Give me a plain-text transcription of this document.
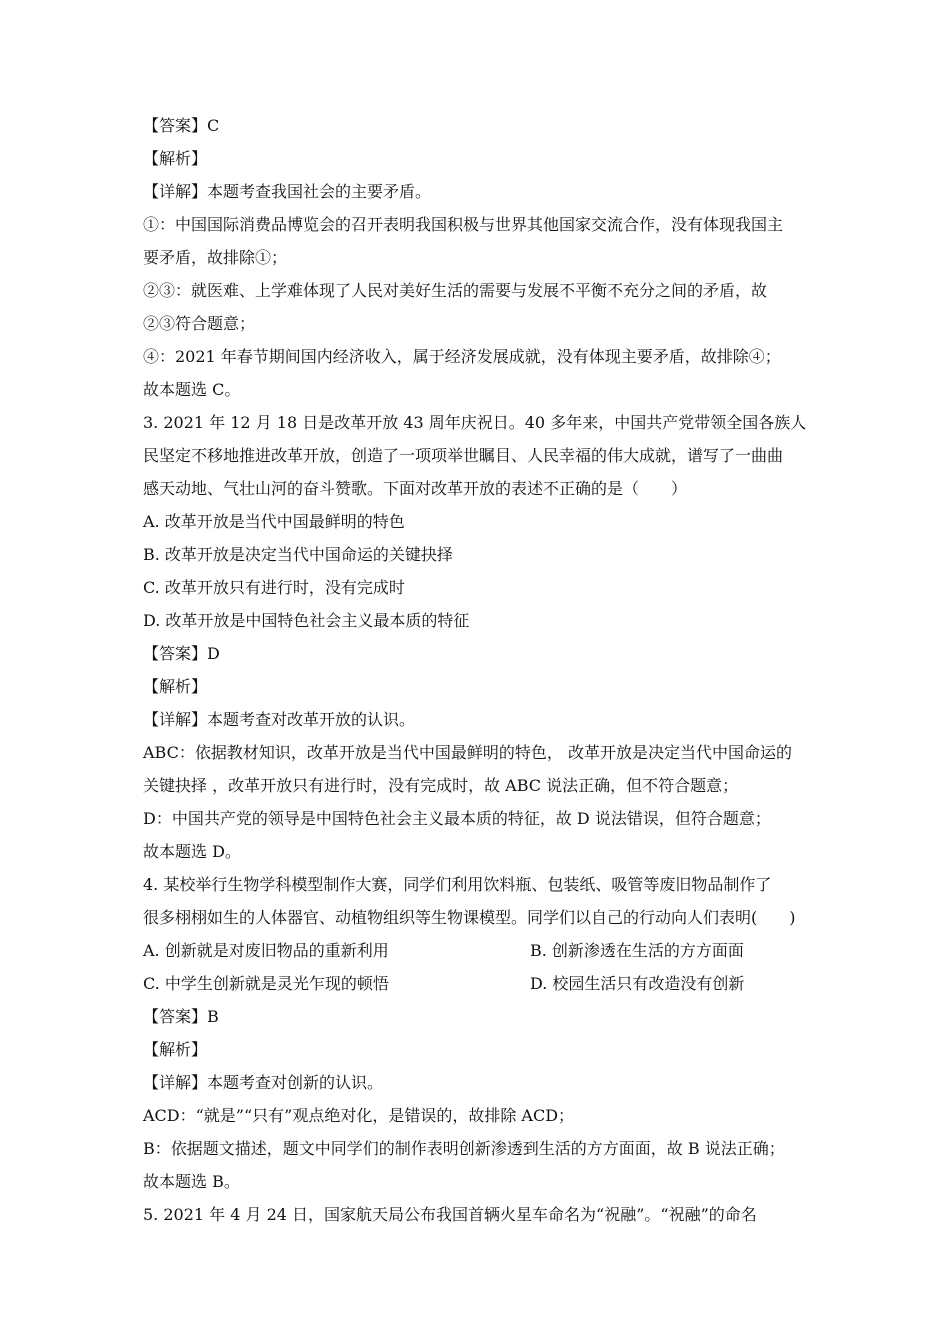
【答案】C
【解析】
【详解】本题考查我国社会的主要矛盾。
①：中国国际消费品博览会的召开表明我国积极与世界其他国家交流合作，没有体现我国主
要矛盾，故排除①；
②③：就医难、上学难体现了人民对美好生活的需要与发展不平衡不充分之间的矛盾，故
②③符合题意；
④：2021 年春节期间国内经济收入，属于经济发展成就，没有体现主要矛盾，故排除④；
故本题选 C。
3. 2021 年 12 月 18 日是改革开放 43 周年庆祝日。40 多年来，中国共产党带领全国各族人
民坚定不移地推进改革开放，创造了一项项举世瞩目、人民幸福的伟大成就，谱写了一曲曲
感天动地、气壮山河的奋斗赞歌。下面对改革开放的表述不正确的是（　　）
A. 改革开放是当代中国最鲜明的特色
B. 改革开放是决定当代中国命运的关键抉择
C. 改革开放只有进行时，没有完成时
D. 改革开放是中国特色社会主义最本质的特征
【答案】D
【解析】
【详解】本题考查对改革开放的认识。
ABC：依据教材知识，改革开放是当代中国最鲜明的特色， 改革开放是决定当代中国命运的
关键抉择 ，改革开放只有进行时，没有完成时，故 ABC 说法正确，但不符合题意；
D：中国共产党的领导是中国特色社会主义最本质的特征，故 D 说法错误，但符合题意；
故本题选 D。
4. 某校举行生物学科模型制作大赛，同学们利用饮料瓶、包装纸、吸管等废旧物品制作了
很多栩栩如生的人体器官、动植物组织等生物课模型。同学们以自己的行动向人们表明(　　)
A. 创新就是对废旧物品的重新利用	B. 创新渗透在生活的方方面面
C. 中学生创新就是灵光乍现的顿悟	D. 校园生活只有改造没有创新
【答案】B
【解析】
【详解】本题考查对创新的认识。
ACD：“就是”“只有”观点绝对化，是错误的，故排除 ACD；
B：依据题文描述，题文中同学们的制作表明创新渗透到生活的方方面面，故 B 说法正确；
故本题选 B。
5. 2021 年 4 月 24 日，国家航天局公布我国首辆火星车命名为“祝融”。“祝融”的命名
